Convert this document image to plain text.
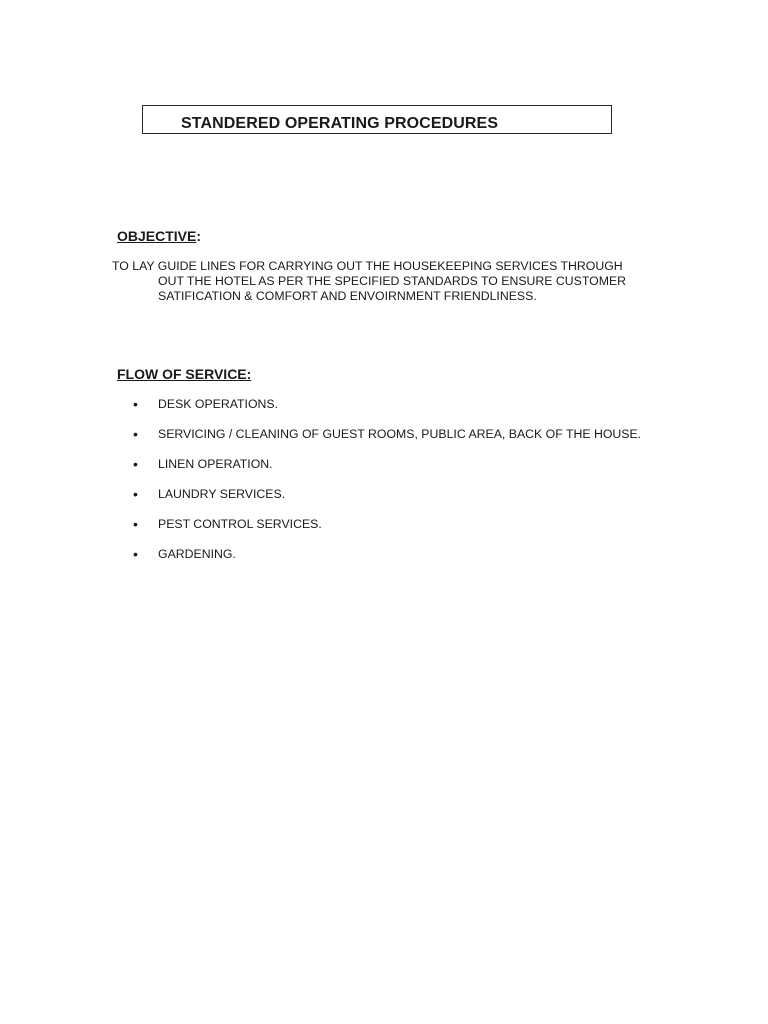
STANDERED OPERATING PROCEDURES
OBJECTIVE:
TO LAY GUIDE LINES FOR CARRYING OUT THE HOUSEKEEPING SERVICES THROUGH
OUT THE HOTEL AS PER THE SPECIFIED STANDARDS TO ENSURE CUSTOMER
SATIFICATION & COMFORT AND ENVOIRNMENT FRIENDLINESS.
FLOW OF SERVICE:
• DESK OPERATIONS.
• SERVICING / CLEANING OF GUEST ROOMS, PUBLIC AREA, BACK OF THE HOUSE.
• LINEN OPERATION.
• LAUNDRY SERVICES.
• PEST CONTROL SERVICES.
• GARDENING.
